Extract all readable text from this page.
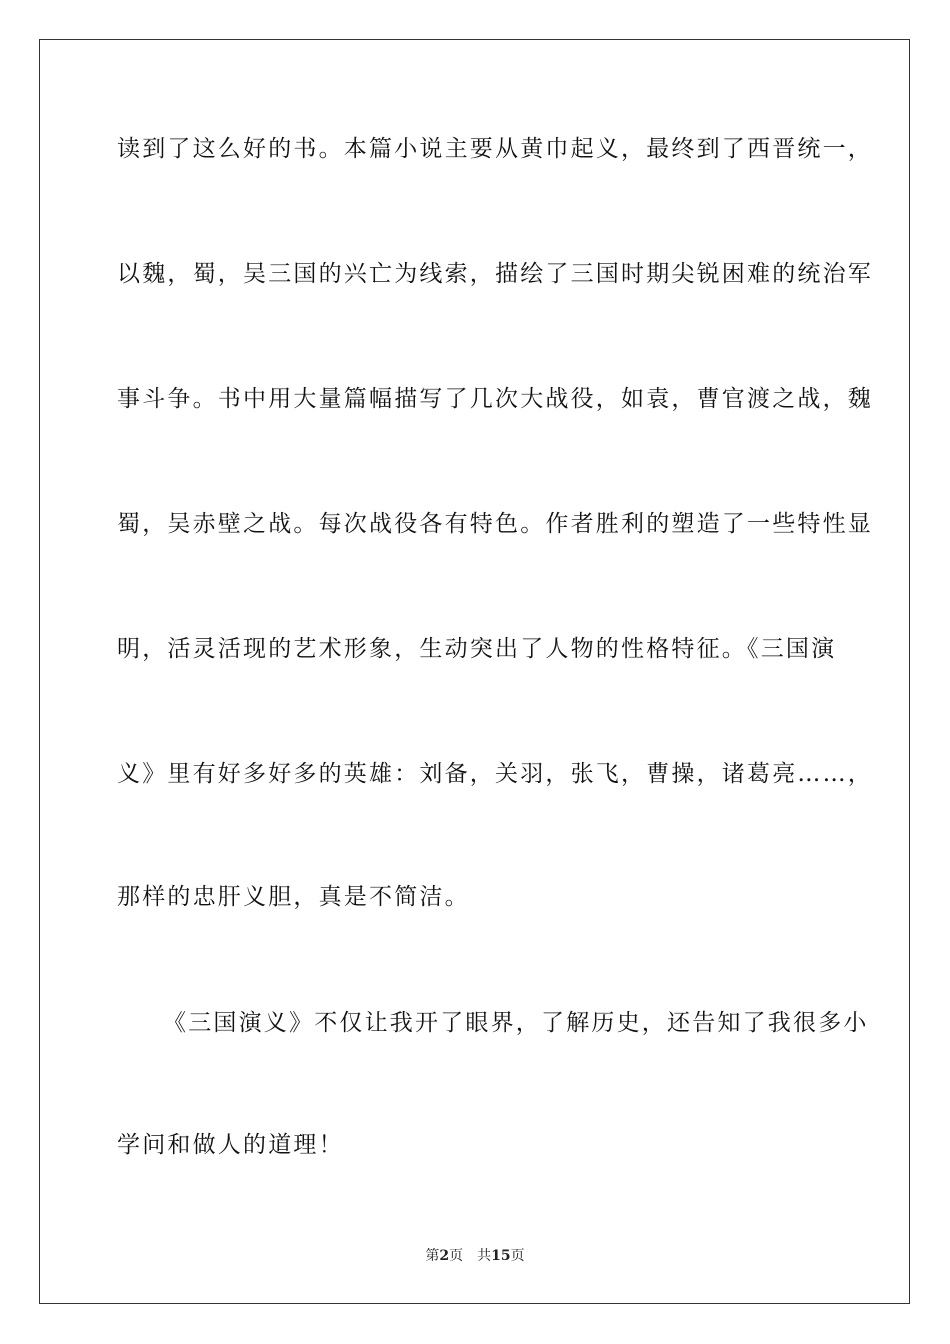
读到了这么好的书。本篇小说主要从黄巾起义，最终到了西晋统一，
以魏，蜀，吴三国的兴亡为线索，描绘了三国时期尖锐困难的统治军
事斗争。书中用大量篇幅描写了几次大战役，如袁，曹官渡之战，魏
蜀，吴赤壁之战。每次战役各有特色。作者胜利的塑造了一些特性显
明，活灵活现的艺术形象，生动突出了人物的性格特征。《三国演
义》里有好多好多的英雄：刘备，关羽，张飞，曹操，诸葛亮……，
那样的忠肝义胆，真是不简洁。
《三国演义》不仅让我开了眼界，了解历史，还告知了我很多小
学问和做人的道理！
第2页 共15页
